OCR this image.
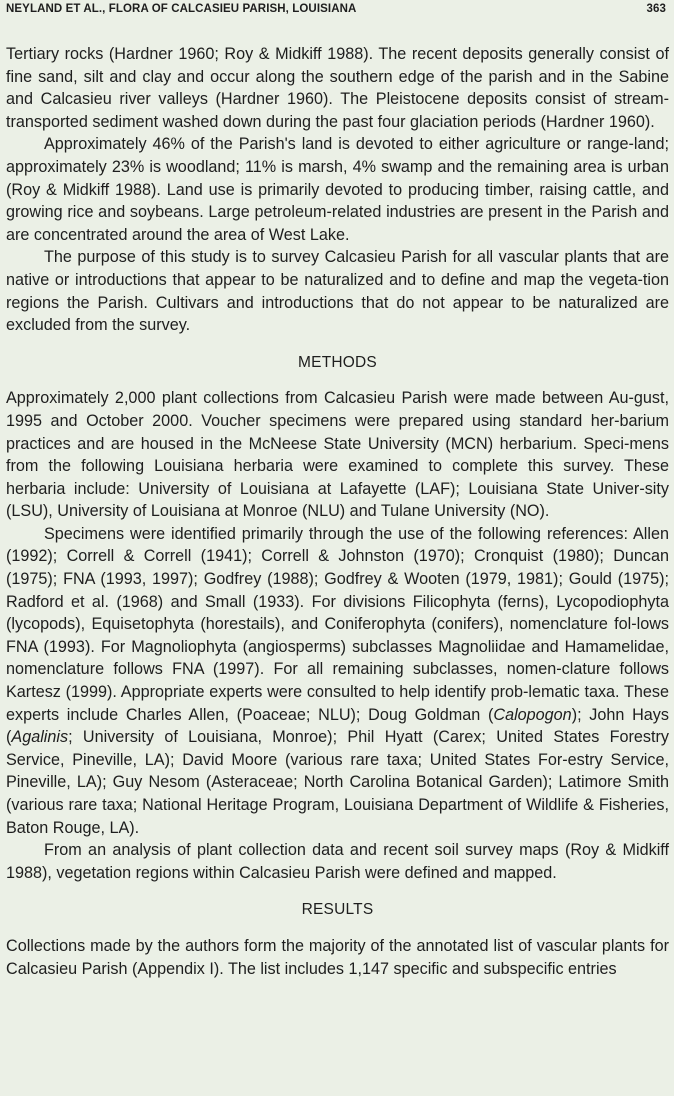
NEYLAND ET AL., FLORA OF CALCASIEU PARISH, LOUISIANA	363

Tertiary rocks (Hardner 1960; Roy & Midkiff 1988). The recent deposits generally consist of fine sand, silt and clay and occur along the southern edge of the parish and in the Sabine and Calcasieu river valleys (Hardner 1960). The Pleistocene deposits consist of stream-transported sediment washed down during the past four glaciation periods (Hardner 1960).

Approximately 46% of the Parish's land is devoted to either agriculture or range-land; approximately 23% is woodland; 11% is marsh, 4% swamp and the remaining area is urban (Roy & Midkiff 1988). Land use is primarily devoted to producing timber, raising cattle, and growing rice and soybeans. Large petroleum-related industries are present in the Parish and are concentrated around the area of West Lake.

The purpose of this study is to survey Calcasieu Parish for all vascular plants that are native or introductions that appear to be naturalized and to define and map the vegeta-tion regions the Parish. Cultivars and introductions that do not appear to be naturalized are excluded from the survey.

METHODS

Approximately 2,000 plant collections from Calcasieu Parish were made between Au-gust, 1995 and October 2000. Voucher specimens were prepared using standard her-barium practices and are housed in the McNeese State University (MCN) herbarium. Speci-mens from the following Louisiana herbaria were examined to complete this survey. These herbaria include: University of Louisiana at Lafayette (LAF); Louisiana State Univer-sity (LSU), University of Louisiana at Monroe (NLU) and Tulane University (NO).

Specimens were identified primarily through the use of the following references: Allen (1992); Correll & Correll (1941); Correll & Johnston (1970); Cronquist (1980); Duncan (1975); FNA (1993, 1997); Godfrey (1988); Godfrey & Wooten (1979, 1981); Gould (1975); Radford et al. (1968) and Small (1933). For divisions Filicophyta (ferns), Lycopodiophyta (lycopods), Equisetophyta (horestails), and Coniferophyta (conifers), nomenclature fol-lows FNA (1993). For Magnoliophyta (angiosperms) subclasses Magnoliidae and Hamamelidae, nomenclature follows FNA (1997). For all remaining subclasses, nomen-clature follows Kartesz (1999). Appropriate experts were consulted to help identify prob-lematic taxa. These experts include Charles Allen, (Poaceae; NLU); Doug Goldman (Calopogon); John Hays (Agalinis; University of Louisiana, Monroe); Phil Hyatt (Carex; United States Forestry Service, Pineville, LA); David Moore (various rare taxa; United States For-estry Service, Pineville, LA); Guy Nesom (Asteraceae; North Carolina Botanical Garden); Latimore Smith (various rare taxa; National Heritage Program, Louisiana Department of Wildlife & Fisheries, Baton Rouge, LA).

From an analysis of plant collection data and recent soil survey maps (Roy & Midkiff 1988), vegetation regions within Calcasieu Parish were defined and mapped.

RESULTS

Collections made by the authors form the majority of the annotated list of vascular plants for Calcasieu Parish (Appendix I). The list includes 1,147 specific and subspecific entries
